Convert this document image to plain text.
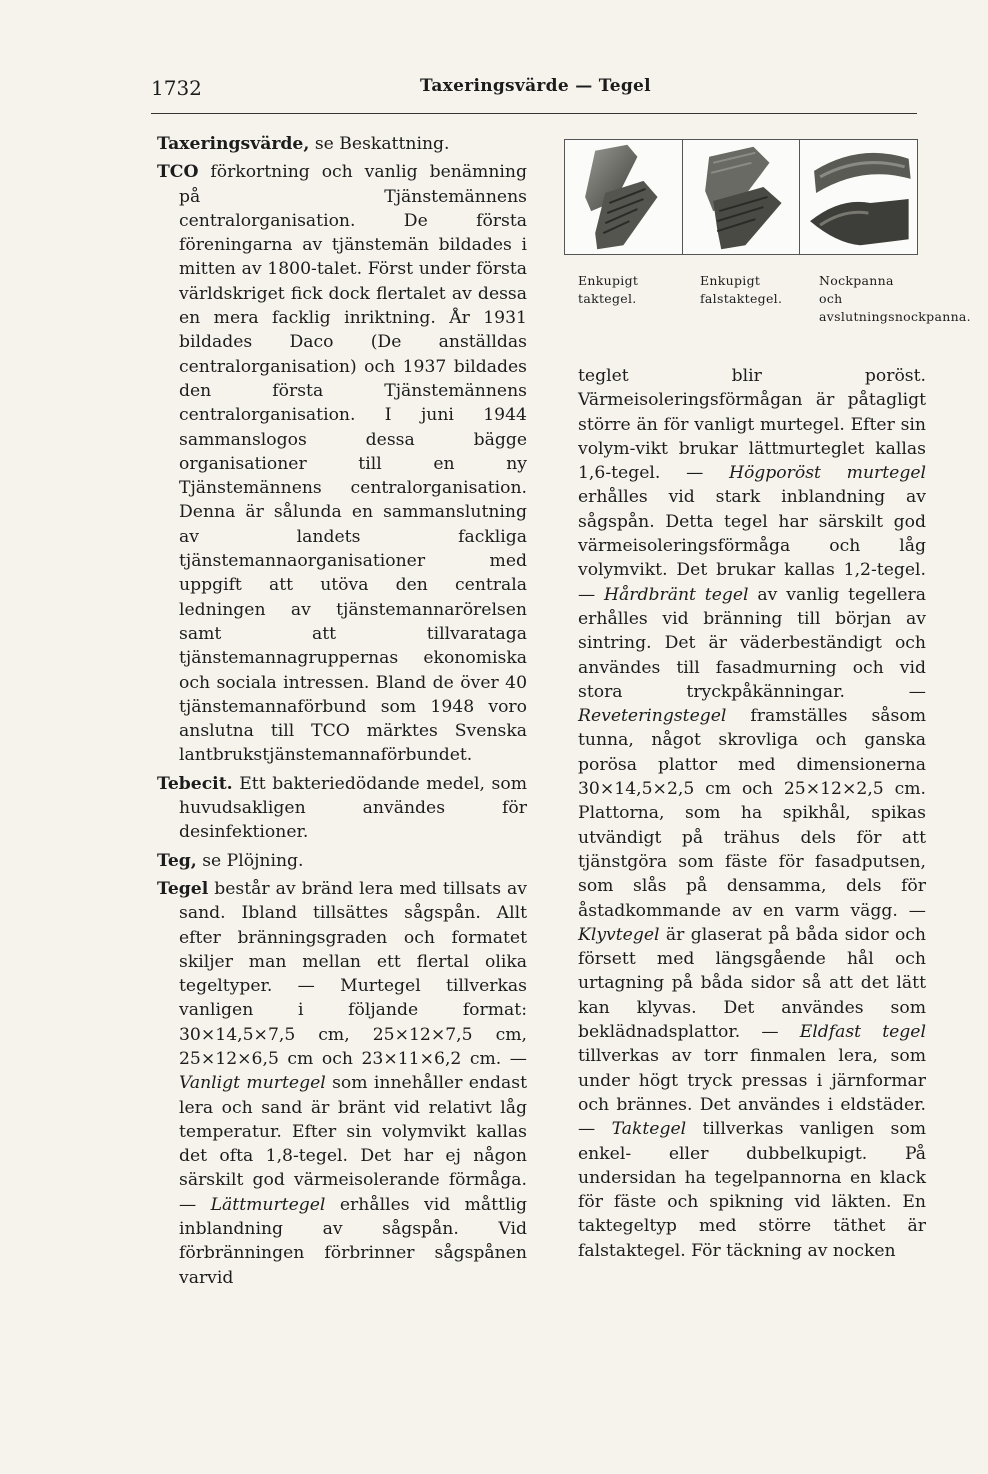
1732	Taxeringsvärde — Tegel

Taxeringsvärde, se Beskattning.

TCO förkortning och vanlig benämning på Tjänstemännens centralorganisation. De första föreningarna av tjänstemän bildades i mitten av 1800-talet. Först under första världskriget fick dock flertalet av dessa en mera facklig inriktning. År 1931 bildades Daco (De anställdas centralorganisation) och 1937 bildades den första Tjänstemännens centralorganisation. I juni 1944 sammanslogos dessa bägge organisationer till en ny Tjänstemännens centralorganisation. Denna är sålunda en sammanslutning av landets fackliga tjänstemannaorganisationer med uppgift att utöva den centrala ledningen av tjänstemannarörelsen samt att tillvarataga tjänstemannagruppernas ekonomiska och sociala intressen. Bland de över 40 tjänstemannaförbund som 1948 voro anslutna till TCO märktes Svenska lantbrukstjänstemannaförbundet.

Tebecit. Ett bakteriedödande medel, som huvudsakligen användes för desinfektioner.

Teg, se Plöjning.

Tegel består av bränd lera med tillsats av sand. Ibland tillsättes sågspån. Allt efter bränningsgraden och formatet skiljer man mellan ett flertal olika tegeltyper. — Murtegel tillverkas vanligen i följande format: 30×14,5×7,5 cm, 25×12×7,5 cm, 25×12×6,5 cm och 23×11×6,2 cm. — Vanligt murtegel som innehåller endast lera och sand är bränt vid relativt låg temperatur. Efter sin volymvikt kallas det ofta 1,8-tegel. Det har ej någon särskilt god värmeisolerande förmåga. — Lättmurtegel erhålles vid måttlig inblandning av sågspån. Vid förbränningen förbrinner sågspånen varvid

Enkupigt taktegel.
Enkupigt falstaktegel.
Nockpanna och avslutningsnockpanna.

teglet blir poröst. Värmeisoleringsförmågan är påtagligt större än för vanligt murtegel. Efter sin volym-vikt brukar lättmurteglet kallas 1,6-tegel. — Högporöst murtegel erhålles vid stark inblandning av sågspån. Detta tegel har särskilt god värmeisoleringsförmåga och låg volymvikt. Det brukar kallas 1,2-tegel. — Hårdbränt tegel av vanlig tegellera erhålles vid bränning till början av sintring. Det är väderbeständigt och användes till fasadmurning och vid stora tryckpåkänningar. — Reveteringstegel framställes såsom tunna, något skrovliga och ganska porösa plattor med dimensionerna 30×14,5×2,5 cm och 25×12×2,5 cm. Plattorna, som ha spikhål, spikas utvändigt på trähus dels för att tjänstgöra som fäste för fasadputsen, som slås på densamma, dels för åstadkommande av en varm vägg. — Klyvtegel är glaserat på båda sidor och försett med längsgående hål och urtagning på båda sidor så att det lätt kan klyvas. Det användes som beklädnadsplattor. — Eldfast tegel tillverkas av torr finmalen lera, som under högt tryck pressas i järnformar och brännes. Det användes i eldstäder. — Taktegel tillverkas vanligen som enkel- eller dubbelkupigt. På undersidan ha tegelpannorna en klack för fäste och spikning vid läkten. En taktegeltyp med större täthet är falstaktegel. För täckning av nocken
